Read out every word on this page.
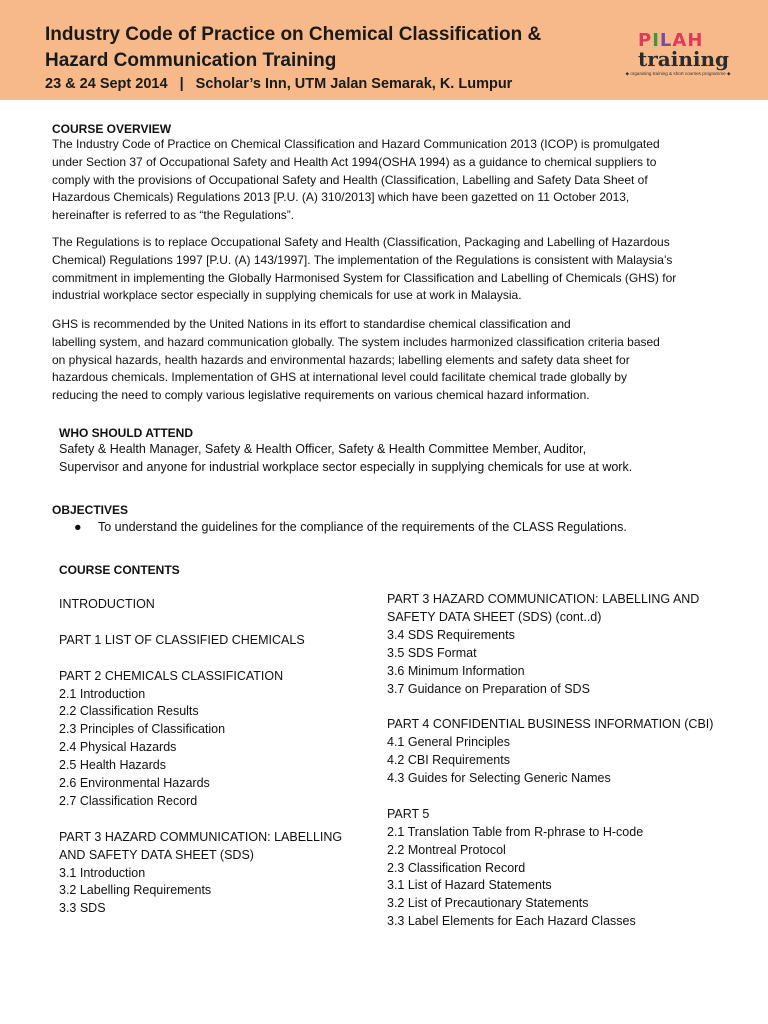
Industry Code of Practice on Chemical Classification &
Hazard Communication Training
23 & 24 Sept 2014 | Scholar’s Inn, UTM Jalan Semarak, K. Lumpur
PILAH
training
◆ organising training & short courses programme ◆
COURSE OVERVIEW
The Industry Code of Practice on Chemical Classification and Hazard Communication 2013 (ICOP) is promulgated
under Section 37 of Occupational Safety and Health Act 1994(OSHA 1994) as a guidance to chemical suppliers to
comply with the provisions of Occupational Safety and Health (Classification, Labelling and Safety Data Sheet of
Hazardous Chemicals) Regulations 2013 [P.U. (A) 310/2013] which have been gazetted on 11 October 2013,
hereinafter is referred to as “the Regulations”.
The Regulations is to replace Occupational Safety and Health (Classification, Packaging and Labelling of Hazardous
Chemical) Regulations 1997 [P.U. (A) 143/1997]. The implementation of the Regulations is consistent with Malaysia’s
commitment in implementing the Globally Harmonised System for Classification and Labelling of Chemicals (GHS) for
industrial workplace sector especially in supplying chemicals for use at work in Malaysia.
GHS is recommended by the United Nations in its effort to standardise chemical classification and
labelling system, and hazard communication globally. The system includes harmonized classification criteria based
on physical hazards, health hazards and environmental hazards; labelling elements and safety data sheet for
hazardous chemicals. Implementation of GHS at international level could facilitate chemical trade globally by
reducing the need to comply various legislative requirements on various chemical hazard information.
WHO SHOULD ATTEND
Safety & Health Manager, Safety & Health Officer, Safety & Health Committee Member, Auditor,
Supervisor and anyone for industrial workplace sector especially in supplying chemicals for use at work.
OBJECTIVES
●	To understand the guidelines for the compliance of the requirements of the CLASS Regulations.
COURSE CONTENTS
INTRODUCTION
PART 1 LIST OF CLASSIFIED CHEMICALS
PART 2 CHEMICALS CLASSIFICATION
2.1 Introduction
2.2 Classification Results
2.3 Principles of Classification
2.4 Physical Hazards
2.5 Health Hazards
2.6 Environmental Hazards
2.7 Classification Record
PART 3 HAZARD COMMUNICATION: LABELLING
AND SAFETY DATA SHEET (SDS)
3.1 Introduction
3.2 Labelling Requirements
3.3 SDS
PART 3 HAZARD COMMUNICATION: LABELLING AND
SAFETY DATA SHEET (SDS) (cont..d)
3.4 SDS Requirements
3.5 SDS Format
3.6 Minimum Information
3.7 Guidance on Preparation of SDS
PART 4 CONFIDENTIAL BUSINESS INFORMATION (CBI)
4.1 General Principles
4.2 CBI Requirements
4.3 Guides for Selecting Generic Names
PART 5
2.1 Translation Table from R-phrase to H-code
2.2 Montreal Protocol
2.3 Classification Record
3.1 List of Hazard Statements
3.2 List of Precautionary Statements
3.3 Label Elements for Each Hazard Classes
